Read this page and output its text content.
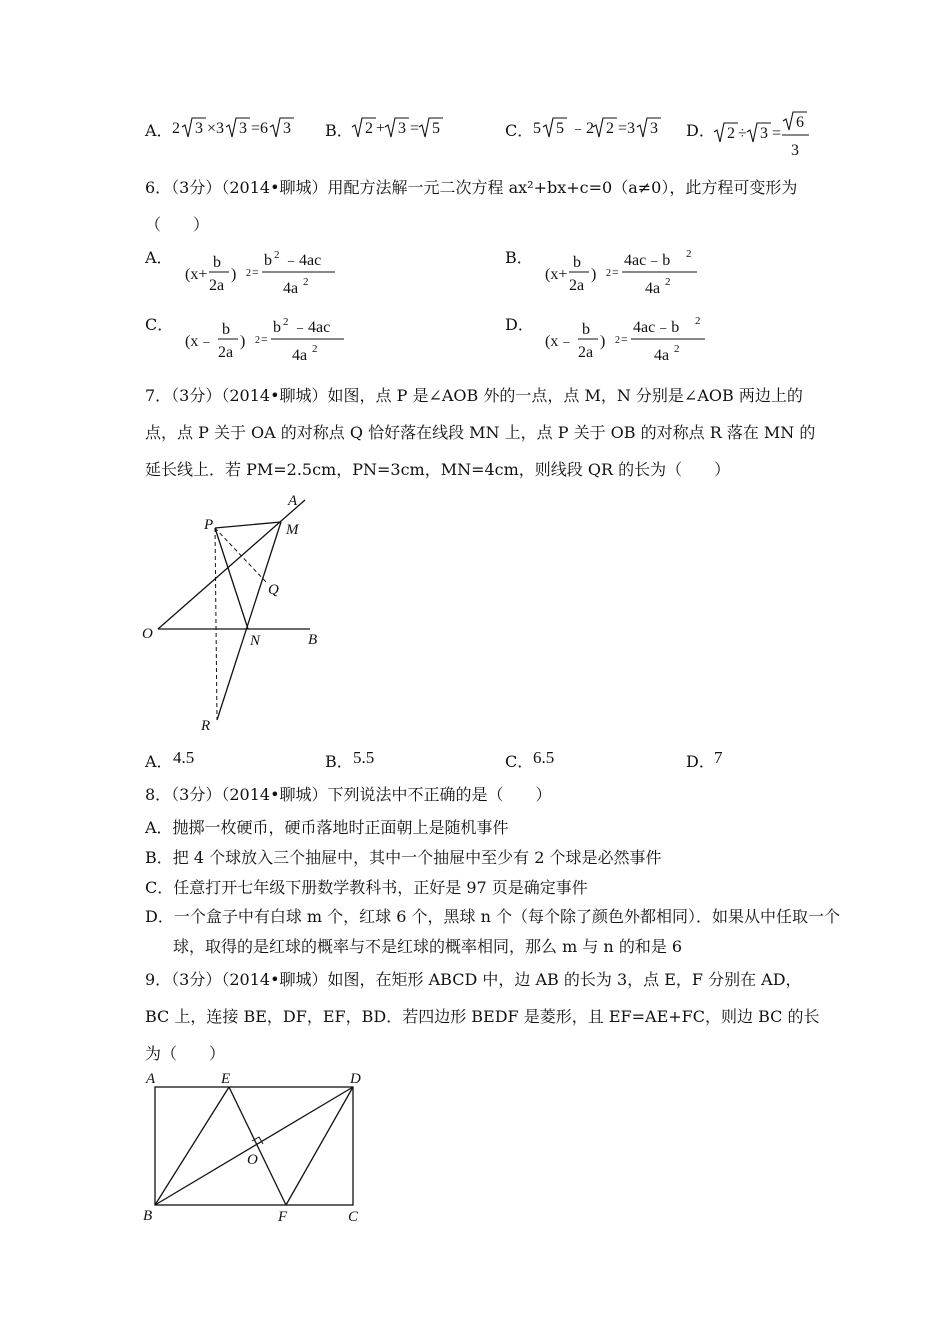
A． 2 3 ×3 3 =6 3 B． 2 + 3 = 5	C． 5 5 ﹣2 2 =3 3 D． 2 ÷ 3 =
6
3
6．（3分）（2014•聊城）用配方法解一元二次方程 ax²+bx+c=0（a≠0），此方程可变形为
（　　）
A．
(x+
b
2a
) 2 =
b 2 ﹣4ac
4a 2
B．
(x+
b
2a
) 2 =
4ac﹣b 2
4a 2
C．
(x﹣
b
2a
) 2 =
b 2 ﹣4ac
4a 2
D．
(x﹣
b
2a
) 2 =
4ac﹣b 2
4a 2
7．（3分）（2014•聊城）如图，点 P 是∠AOB 外的一点，点 M，N 分别是∠AOB 两边上的
点，点 P 关于 OA 的对称点 Q 恰好落在线段 MN 上，点 P 关于 OB 的对称点 R 落在 MN 的
延长线上．若 PM=2.5cm，PN=3cm，MN=4cm，则线段 QR 的长为（　　）
A
P	M
Q
O	N	B
R
A． 4.5	B． 5.5	C． 6.5	D． 7
8．（3分）（2014•聊城）下列说法中不正确的是（　　）
A．抛掷一枚硬币，硬币落地时正面朝上是随机事件
B．把 4 个球放入三个抽屉中，其中一个抽屉中至少有 2 个球是必然事件
C．任意打开七年级下册数学教科书，正好是 97 页是确定事件
D．一个盒子中有白球 m 个，红球 6 个，黑球 n 个（每个除了颜色外都相同）．如果从中任取一个
球，取得的是红球的概率与不是红球的概率相同，那么 m 与 n 的和是 6
9．（3分）（2014•聊城）如图，在矩形 ABCD 中，边 AB 的长为 3，点 E，F 分别在 AD，
BC 上，连接 BE，DF，EF，BD．若四边形 BEDF 是菱形，且 EF=AE+FC，则边 BC 的长
为（　　）
A	E	D
O
B	F	C
